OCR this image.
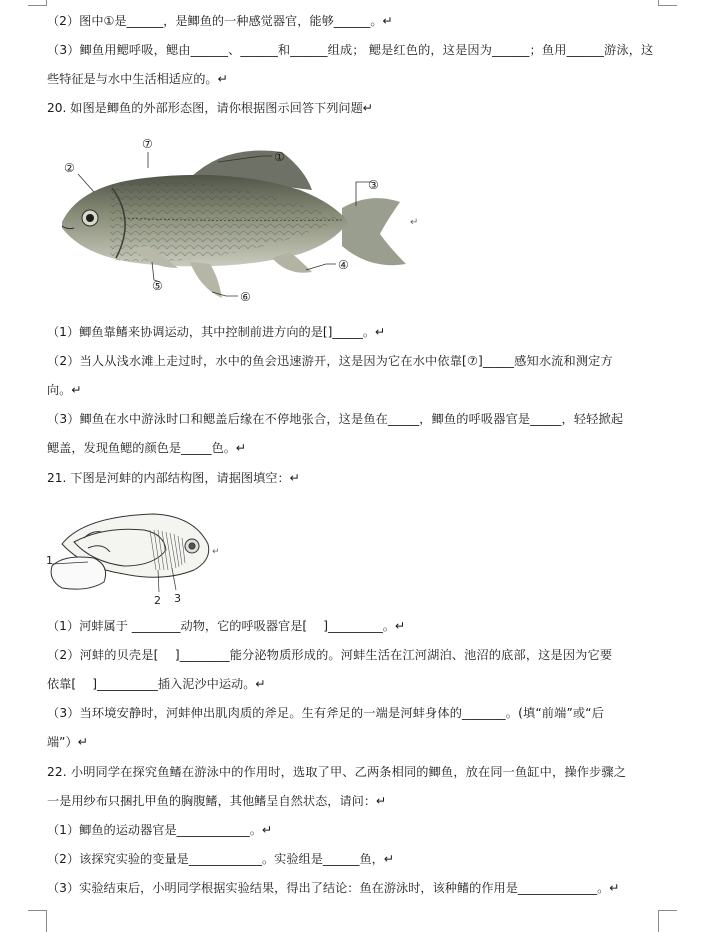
（2）图中①是______，是鲫鱼的一种感觉器官，能够______。↵
（3）鲫鱼用鳃呼吸，鳃由______、______和______组成； 鳃是红色的，这是因为______；鱼用______游泳，这
些特征是与水中生活相适应的。↵
20. 如图是鲫鱼的外部形态图，请你根据图示回答下列问题↵
①
②
③
④
⑤
⑥
⑦
↵
（1）鲫鱼靠鳍来协调运动，其中控制前进方向的是[]_____。↵
（2）当人从浅水滩上走过时，水中的鱼会迅速游开，这是因为它在水中依靠[⑦]_____感知水流和测定方
向。↵
（3）鲫鱼在水中游泳时口和鳃盖后缘在不停地张合，这是鱼在_____，鲫鱼的呼吸器官是_____，轻轻掀起
鳃盖，发现鱼鳃的颜色是_____色。↵
21. 下图是河蚌的内部结构图，请据图填空：↵
1
2 3
↵
（1）河蚌属于 ________动物，它的呼吸器官是[　 ]_________。↵
（2）河蚌的贝壳是[　 ]________能分泌物质形成的。河蚌生活在江河湖泊、池沼的底部，这是因为它要
依靠[　 ]__________插入泥沙中运动。↵
（3）当环境安静时，河蚌伸出肌肉质的斧足。生有斧足的一端是河蚌身体的_______。(填“前端”或“后
端”）↵
22. 小明同学在探究鱼鳍在游泳中的作用时，选取了甲、乙两条相同的鲫鱼，放在同一鱼缸中，操作步骤之
一是用纱布只捆扎甲鱼的胸腹鳍，其他鳍呈自然状态，请问：↵
（1）鲫鱼的运动器官是____________。↵
（2）该探究实验的变量是____________。实验组是______鱼，↵
（3）实验结束后，小明同学根据实验结果，得出了结论：鱼在游泳时，该种鳍的作用是_____________。↵
